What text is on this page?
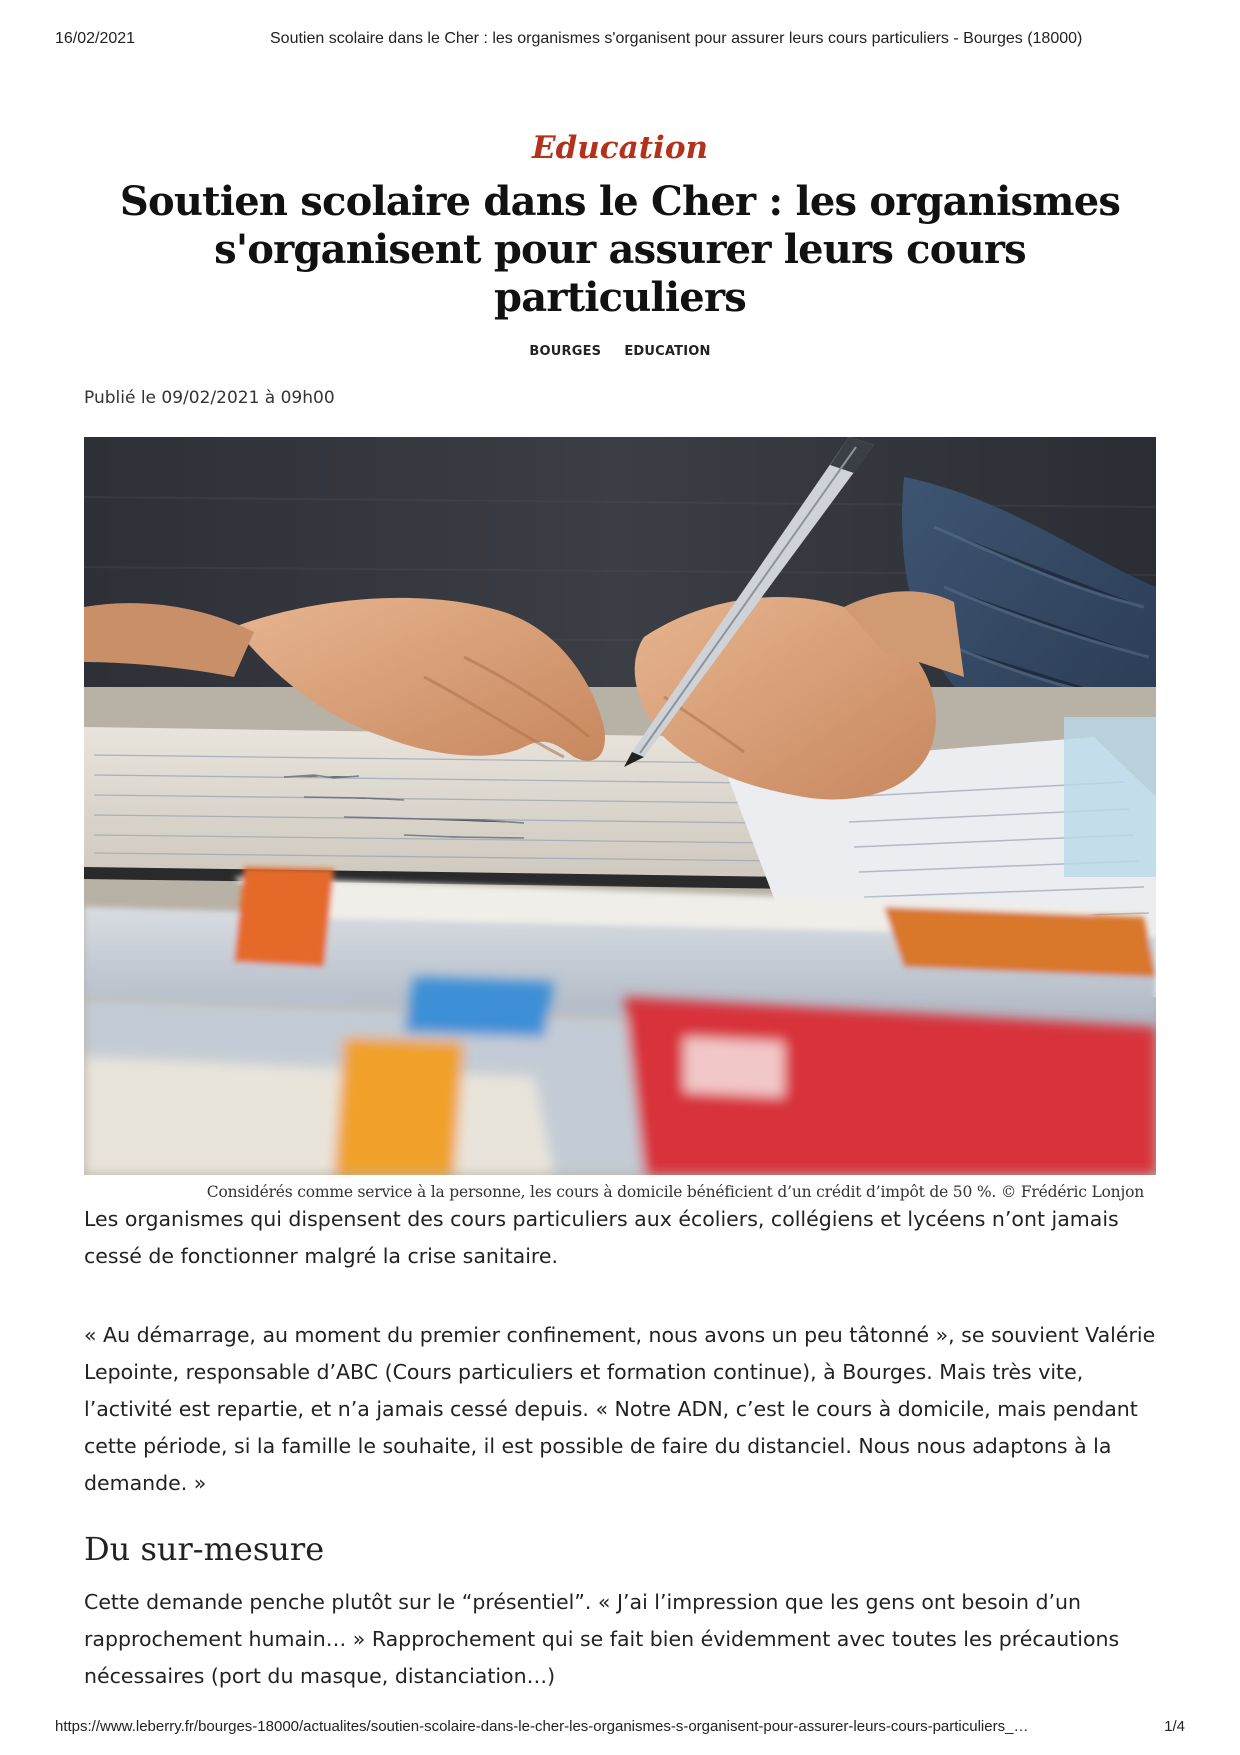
16/02/2021	Soutien scolaire dans le Cher : les organismes s'organisent pour assurer leurs cours particuliers - Bourges (18000)
Education
Soutien scolaire dans le Cher : les organismes s'organisent pour assurer leurs cours particuliers
BOURGES EDUCATION
Publié le 09/02/2021 à 09h00
Considérés comme service à la personne, les cours à domicile bénéficient d’un crédit d’impôt de 50 %. © Frédéric Lonjon

Les organismes qui dispensent des cours particuliers aux écoliers, collégiens et lycéens n’ont jamais cessé de fonctionner malgré la crise sanitaire.

« Au démarrage, au moment du premier confinement, nous avons un peu tâtonné », se souvient Valérie Lepointe, responsable d’ABC (Cours particuliers et formation continue), à Bourges. Mais très vite, l’activité est repartie, et n’a jamais cessé depuis. « Notre ADN, c’est le cours à domicile, mais pendant cette période, si la famille le souhaite, il est possible de faire du distanciel. Nous nous adaptons à la demande. »

Du sur-mesure

Cette demande penche plutôt sur le “présentiel”. « J’ai l’impression que les gens ont besoin d’un rapprochement humain… » Rapprochement qui se fait bien évidemment avec toutes les précautions nécessaires (port du masque, distanciation…)

https://www.leberry.fr/bourges-18000/actualites/soutien-scolaire-dans-le-cher-les-organismes-s-organisent-pour-assurer-leurs-cours-particuliers_…	1/4
